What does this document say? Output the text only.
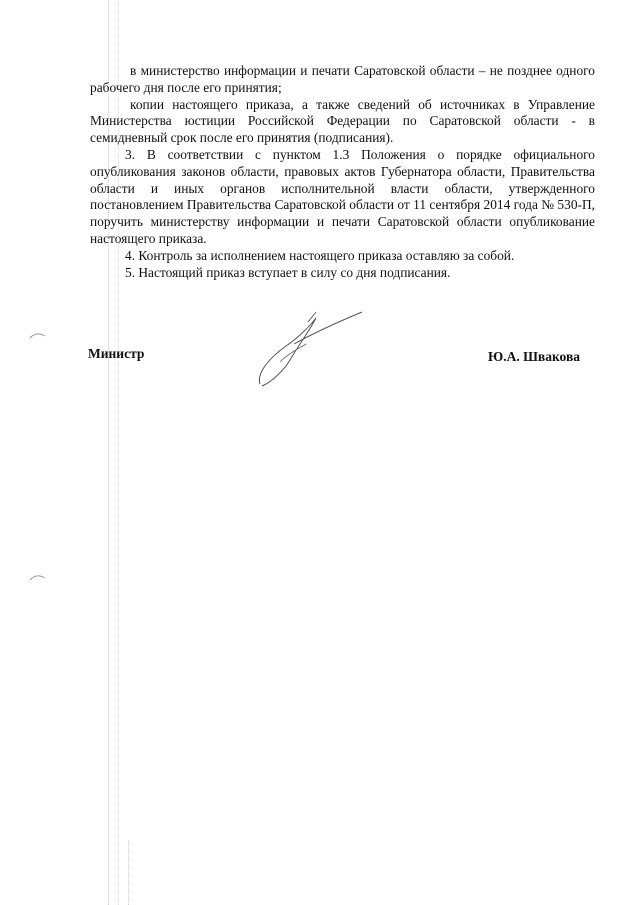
в министерство информации и печати Саратовской области – не позднее одного рабочего дня после его принятия;

копии настоящего приказа, а также сведений об источниках в Управление Министерства юстиции Российской Федерации по Саратовской области - в семидневный срок после его принятия (подписания).

3. В соответствии с пунктом 1.3 Положения о порядке официального опубликования законов области, правовых актов Губернатора области, Правительства области и иных органов исполнительной власти области, утвержденного постановлением Правительства Саратовской области от 11 сентября 2014 года № 530-П, поручить министерству информации и печати Саратовской области опубликование настоящего приказа.

4. Контроль за исполнением настоящего приказа оставляю за собой.

5. Настоящий приказ вступает в силу со дня подписания.

Министр	Ю.А. Швакова
